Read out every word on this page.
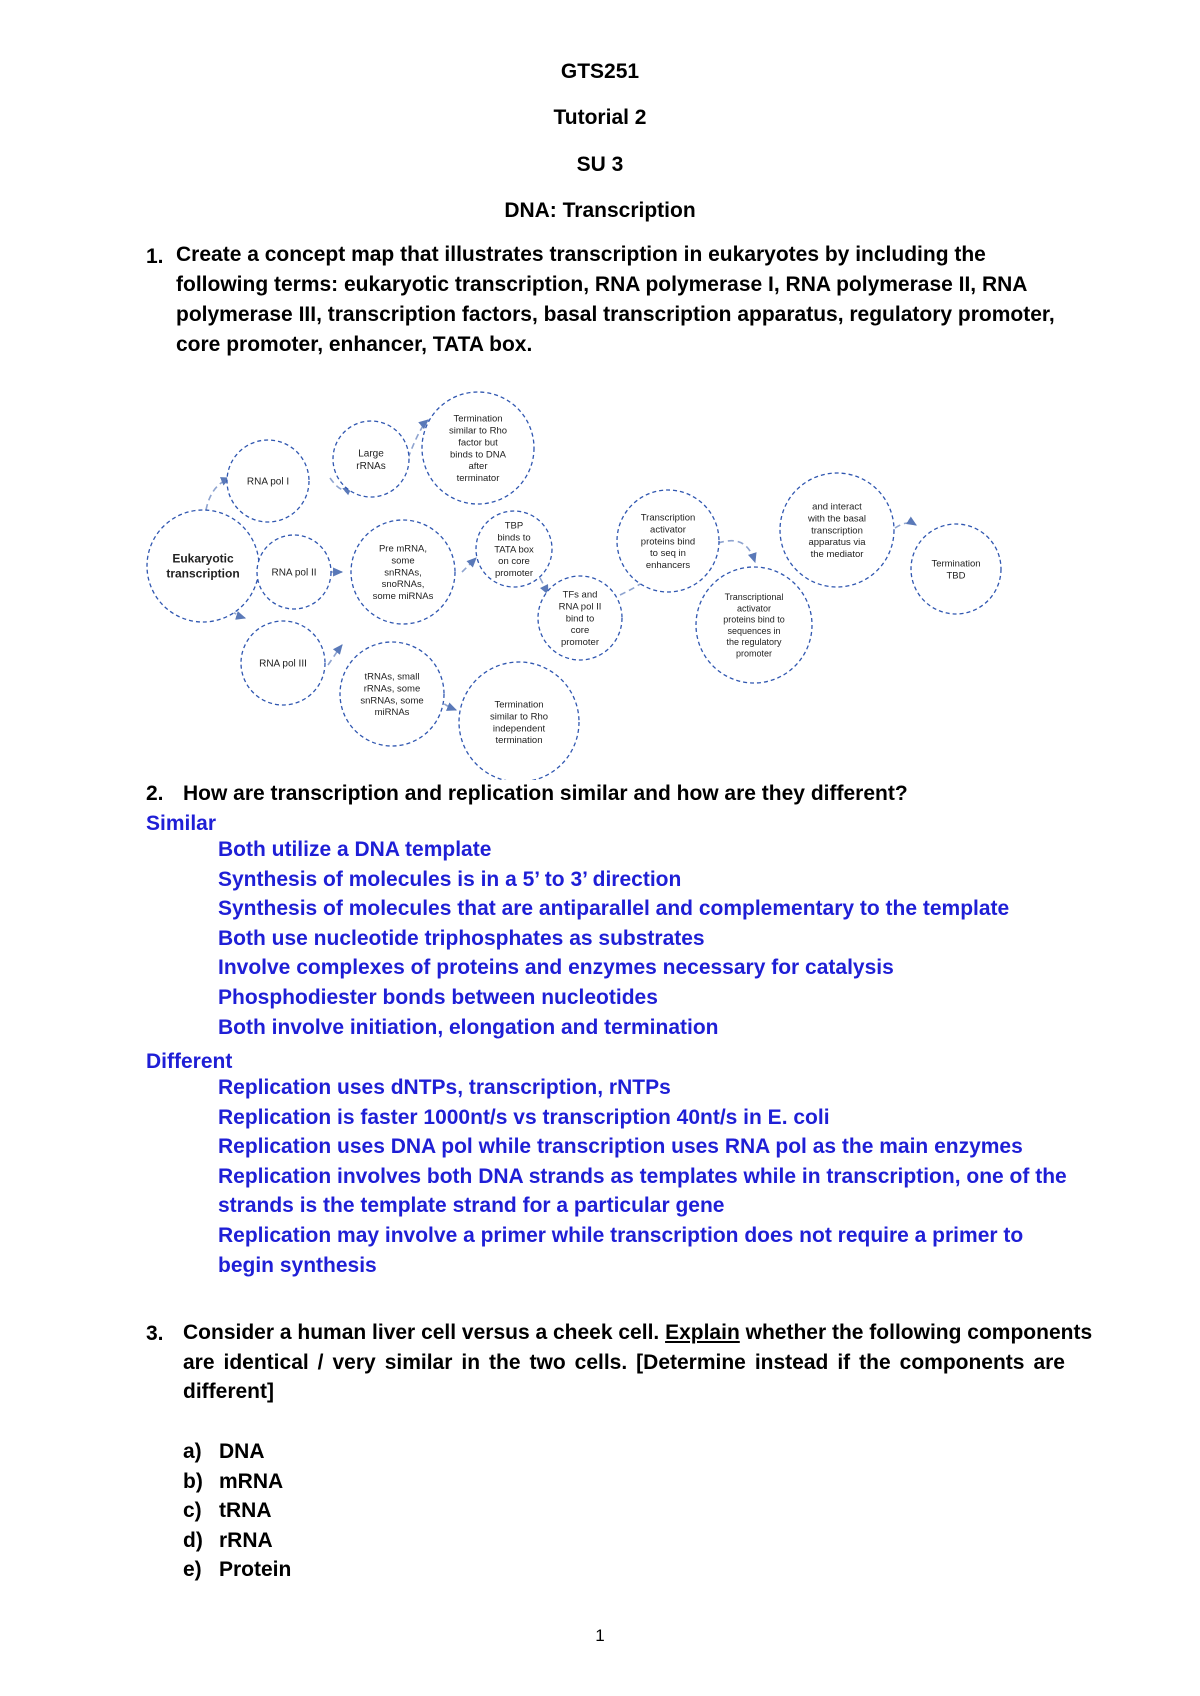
GTS251
Tutorial 2
SU 3
DNA: Transcription
1. Create a concept map that illustrates transcription in eukaryotes by including the
following terms: eukaryotic transcription, RNA polymerase I, RNA polymerase II, RNA
polymerase III, transcription factors, basal transcription apparatus, regulatory promoter,
core promoter, enhancer, TATA box.
Eukaryotic transcription
RNA pol I
RNA pol II
RNA pol III
Large rRNAs
Termination similar to Rho factor but binds to DNA after terminator
Pre mRNA, some snRNAs, snoRNAs, some miRNAs
TBP binds to TATA box on core promoter
TFs and RNA pol II bind to core promoter
Transcription activator proteins bind to seq in enhancers
Transcriptional activator proteins bind to sequences in the regulatory promoter
and interact with the basal transcription apparatus via the mediator
Termination TBD
tRNAs, small rRNAs, some snRNAs, some miRNAs
Termination similar to Rho independent termination
2. How are transcription and replication similar and how are they different?
Similar
Both utilize a DNA template
Synthesis of molecules is in a 5’ to 3’ direction
Synthesis of molecules that are antiparallel and complementary to the template
Both use nucleotide triphosphates as substrates
Involve complexes of proteins and enzymes necessary for catalysis
Phosphodiester bonds between nucleotides
Both involve initiation, elongation and termination
Different
Replication uses dNTPs, transcription, rNTPs
Replication is faster 1000nt/s vs transcription 40nt/s in E. coli
Replication uses DNA pol while transcription uses RNA pol as the main enzymes
Replication involves both DNA strands as templates while in transcription, one of the
strands is the template strand for a particular gene
Replication may involve a primer while transcription does not require a primer to
begin synthesis
3. Consider a human liver cell versus a cheek cell. Explain whether the following components
are identical / very similar in the two cells. [Determine instead if the components are
different]
a) DNA
b) mRNA
c) tRNA
d) rRNA
e) Protein
1
